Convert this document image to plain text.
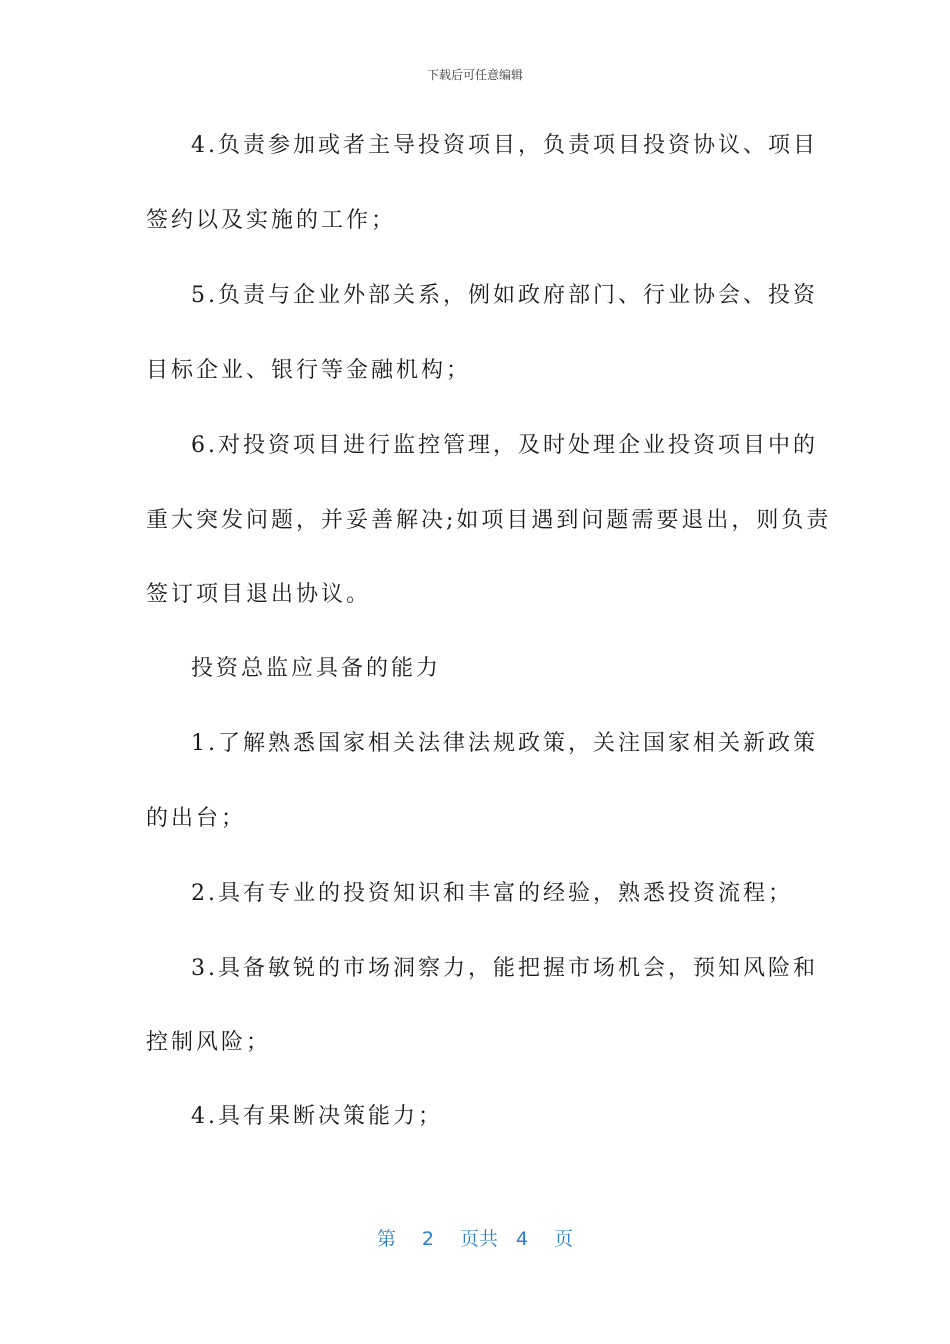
下载后可任意编辑
4.负责参加或者主导投资项目，负责项目投资协议、项目
签约以及实施的工作；
5.负责与企业外部关系，例如政府部门、行业协会、投资
目标企业、银行等金融机构；
6.对投资项目进行监控管理，及时处理企业投资项目中的
重大突发问题，并妥善解决;如项目遇到问题需要退出，则负责
签订项目退出协议。
投资总监应具备的能力
1.了解熟悉国家相关法律法规政策，关注国家相关新政策
的出台；
2.具有专业的投资知识和丰富的经验，熟悉投资流程；
3.具备敏锐的市场洞察力，能把握市场机会，预知风险和
控制风险；
4.具有果断决策能力；
第 2 页共 4 页
